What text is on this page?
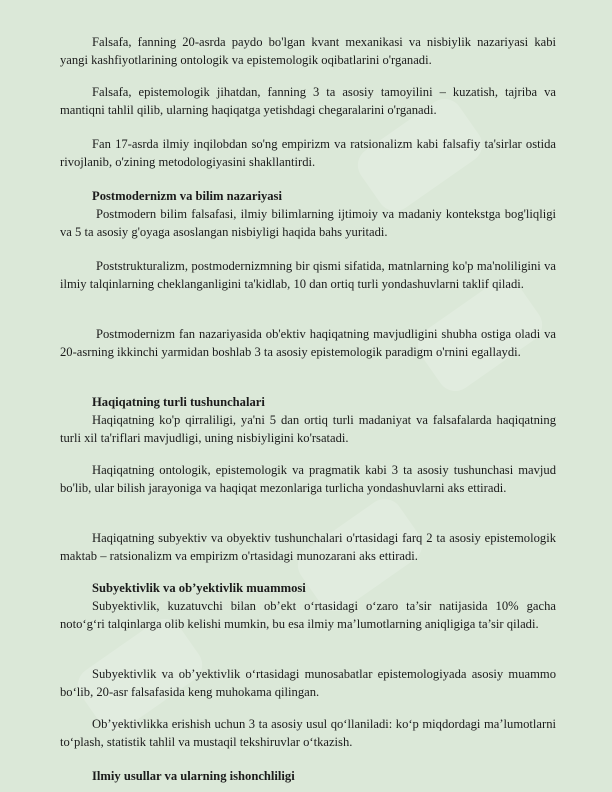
Falsafa, fanning 20-asrda paydo bo'lgan kvant mexanikasi va nisbiylik nazariyasi kabi yangi kashfiyotlarining ontologik va epistemologik oqibatlarini o'rganadi.

Falsafa, epistemologik jihatdan, fanning 3 ta asosiy tamoyilini – kuzatish, tajriba va mantiqni tahlil qilib, ularning haqiqatga yetishdagi chegaralarini o'rganadi.

Fan 17-asrda ilmiy inqilobdan so'ng empirizm va ratsionalizm kabi falsafiy ta'sirlar ostida rivojlanib, o'zining metodologiyasini shakllantirdi.

Postmodernizm va bilim nazariyasi

Postmodern bilim falsafasi, ilmiy bilimlarning ijtimoiy va madaniy kontekstga bog'liqligi va 5 ta asosiy g'oyaga asoslangan nisbiyligi haqida bahs yuritadi.

Poststrukturalizm, postmodernizmning bir qismi sifatida, matnlarning ko'p ma'noliligini va ilmiy talqinlarning cheklanganligini ta'kidlab, 10 dan ortiq turli yondashuvlarni taklif qiladi.

Postmodernizm fan nazariyasida ob'ektiv haqiqatning mavjudligini shubha ostiga oladi va 20-asrning ikkinchi yarmidan boshlab 3 ta asosiy epistemologik paradigm o'rnini egallaydi.

Haqiqatning turli tushunchalari

Haqiqatning ko'p qirraliligi, ya'ni 5 dan ortiq turli madaniyat va falsafalarda haqiqatning turli xil ta'riflari mavjudligi, uning nisbiyligini ko'rsatadi.

Haqiqatning ontologik, epistemologik va pragmatik kabi 3 ta asosiy tushunchasi mavjud bo'lib, ular bilish jarayoniga va haqiqat mezonlariga turlicha yondashuvlarni aks ettiradi.

Haqiqatning subyektiv va obyektiv tushunchalari o'rtasidagi farq 2 ta asosiy epistemologik maktab – ratsionalizm va empirizm o'rtasidagi munozarani aks ettiradi.

Subyektivlik va ob’yektivlik muammosi

Subyektivlik, kuzatuvchi bilan ob’ekt o‘rtasidagi o‘zaro ta’sir natijasida 10% gacha noto‘g‘ri talqinlarga olib kelishi mumkin, bu esa ilmiy ma’lumotlarning aniqligiga ta’sir qiladi.

Subyektivlik va ob’yektivlik o‘rtasidagi munosabatlar epistemologiyada asosiy muammo bo‘lib, 20-asr falsafasida keng muhokama qilingan.

Ob’yektivlikka erishish uchun 3 ta asosiy usul qo‘llaniladi: ko‘p miqdordagi ma’lumotlarni to‘plash, statistik tahlil va mustaqil tekshiruvlar o‘tkazish.

Ilmiy usullar va ularning ishonchliligi
